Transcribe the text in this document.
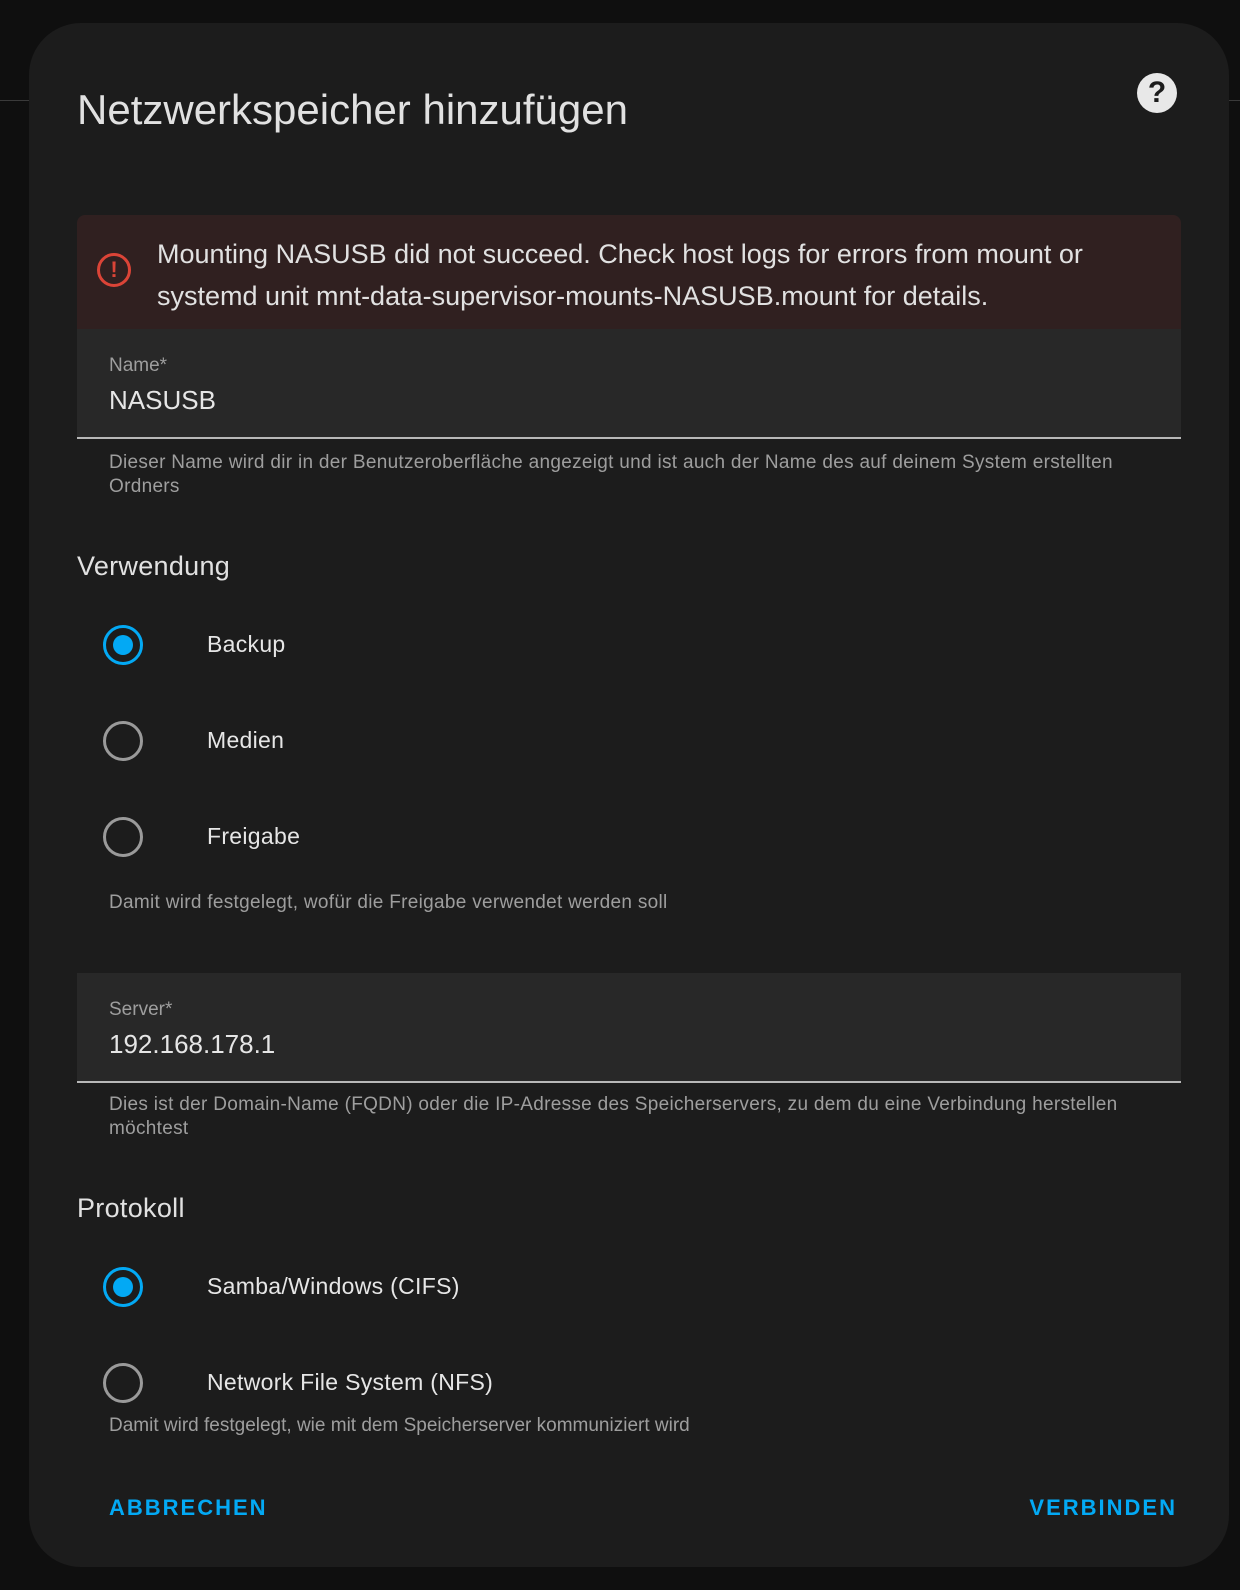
Netzwerkspeicher hinzufügen	?
!
Mounting NASUSB did not succeed. Check host logs for errors from mount or systemd unit mnt-data-supervisor-mounts-NASUSB.mount for details.
Name*
NASUSB
Dieser Name wird dir in der Benutzeroberfläche angezeigt und ist auch der Name des auf deinem System erstellten Ordners
Verwendung
Backup
Medien
Freigabe
Damit wird festgelegt, wofür die Freigabe verwendet werden soll
Server*
192.168.178.1
Dies ist der Domain-Name (FQDN) oder die IP-Adresse des Speicherservers, zu dem du eine Verbindung herstellen möchtest
Protokoll
Samba/Windows (CIFS)
Network File System (NFS)
Damit wird festgelegt, wie mit dem Speicherserver kommuniziert wird
ABBRECHEN	VERBINDEN
